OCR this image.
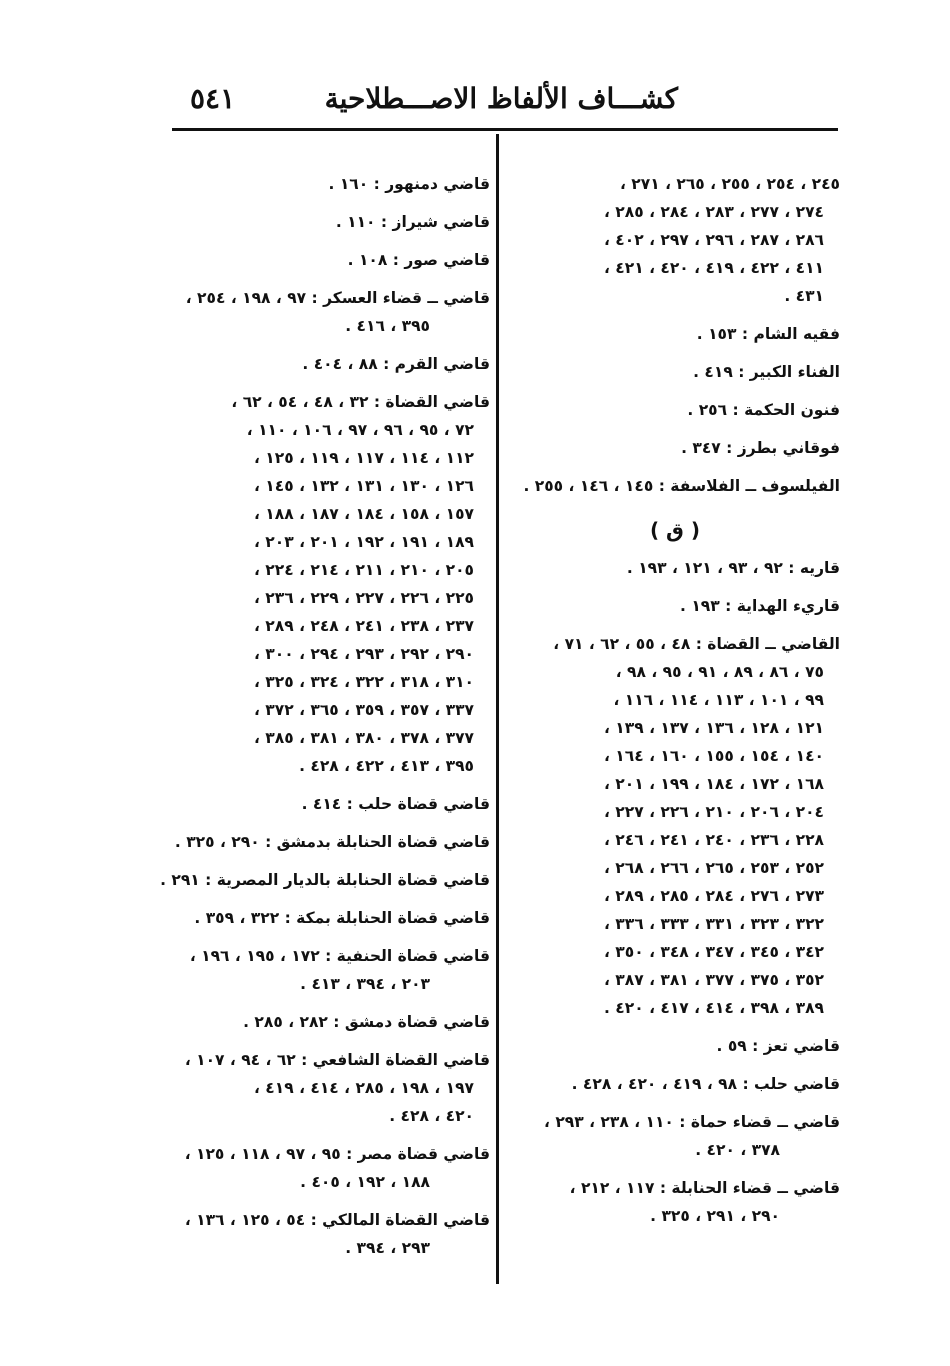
كشـــاف الألفاظ الاصـــطلاحية
٥٤١
٢٤٥ ، ٢٥٤ ، ٢٥٥ ، ٢٦٥ ، ٢٧١ ،
٢٧٤ ، ٢٧٧ ، ٢٨٣ ، ٢٨٤ ، ٢٨٥ ،
٢٨٦ ، ٢٨٧ ، ٢٩٦ ، ٢٩٧ ، ٤٠٢ ،
٤١١ ، ٤٢٢ ، ٤١٩ ، ٤٢٠ ، ٤٢١ ،
٤٣١ .
فقيه الشام : ١٥٣ .
الفناء الكبير : ٤١٩ .
فنون الحكمة : ٢٥٦ .
فوقاني بطرز : ٣٤٧ .
الفيلسوف ــ الفلاسفة : ١٤٥ ، ١٤٦ ، ٢٥٥ .
( ق )
قاريه : ٩٢ ، ٩٣ ، ١٢١ ، ١٩٣ .
قاريء الهداية : ١٩٣ .
القاضي ــ القضاة : ٤٨ ، ٥٥ ، ٦٢ ، ٧١ ،
٧٥ ، ٨٦ ، ٨٩ ، ٩١ ، ٩٥ ، ٩٨ ،
٩٩ ، ١٠١ ، ١١٣ ، ١١٤ ، ١١٦ ،
١٢١ ، ١٢٨ ، ١٣٦ ، ١٣٧ ، ١٣٩ ،
١٤٠ ، ١٥٤ ، ١٥٥ ، ١٦٠ ، ١٦٤ ،
١٦٨ ، ١٧٢ ، ١٨٤ ، ١٩٩ ، ٢٠١ ،
٢٠٤ ، ٢٠٦ ، ٢١٠ ، ٢٢٦ ، ٢٢٧ ،
٢٢٨ ، ٢٣٦ ، ٢٤٠ ، ٢٤١ ، ٢٤٦ ،
٢٥٢ ، ٢٥٣ ، ٢٦٥ ، ٢٦٦ ، ٢٦٨ ،
٢٧٣ ، ٢٧٦ ، ٢٨٤ ، ٢٨٥ ، ٢٨٩ ،
٣٢٢ ، ٣٢٣ ، ٣٣١ ، ٣٣٣ ، ٣٣٦ ،
٣٤٢ ، ٣٤٥ ، ٣٤٧ ، ٣٤٨ ، ٣٥٠ ،
٣٥٢ ، ٣٧٥ ، ٣٧٧ ، ٣٨١ ، ٣٨٧ ،
٣٨٩ ، ٣٩٨ ، ٤١٤ ، ٤١٧ ، ٤٢٠ .
قاضي تعز : ٥٩ .
قاضي حلب : ٩٨ ، ٤١٩ ، ٤٢٠ ، ٤٢٨ .
قاضي ــ قضاء حماة : ١١٠ ، ٢٣٨ ، ٢٩٣ ،
٣٧٨ ، ٤٢٠ .
قاضي ــ قضاء الحنابلة : ١١٧ ، ٢١٢ ،
٢٩٠ ، ٢٩١ ، ٣٢٥ .
قاضي دمنهور : ١٦٠ .
قاضي شيراز : ١١٠ .
قاضي صور : ١٠٨ .
قاضي ــ قضاء العسكر : ٩٧ ، ١٩٨ ، ٢٥٤ ،
٣٩٥ ، ٤١٦ .
قاضي القرم : ٨٨ ، ٤٠٤ .
قاضي القضاة : ٣٢ ، ٤٨ ، ٥٤ ، ٦٢ ،
٧٢ ، ٩٥ ، ٩٦ ، ٩٧ ، ١٠٦ ، ١١٠ ،
١١٢ ، ١١٤ ، ١١٧ ، ١١٩ ، ١٢٥ ،
١٢٦ ، ١٣٠ ، ١٣١ ، ١٣٢ ، ١٤٥ ،
١٥٧ ، ١٥٨ ، ١٨٤ ، ١٨٧ ، ١٨٨ ،
١٨٩ ، ١٩١ ، ١٩٢ ، ٢٠١ ، ٢٠٣ ،
٢٠٥ ، ٢١٠ ، ٢١١ ، ٢١٤ ، ٢٢٤ ،
٢٢٥ ، ٢٢٦ ، ٢٢٧ ، ٢٢٩ ، ٢٣٦ ،
٢٣٧ ، ٢٣٨ ، ٢٤١ ، ٢٤٨ ، ٢٨٩ ،
٢٩٠ ، ٢٩٢ ، ٢٩٣ ، ٢٩٤ ، ٣٠٠ ،
٣١٠ ، ٣١٨ ، ٣٢٢ ، ٣٢٤ ، ٣٢٥ ،
٣٣٧ ، ٣٥٧ ، ٣٥٩ ، ٣٦٥ ، ٣٧٢ ،
٣٧٧ ، ٣٧٨ ، ٣٨٠ ، ٣٨١ ، ٣٨٥ ،
٣٩٥ ، ٤١٣ ، ٤٢٢ ، ٤٢٨ .
قاضي قضاة حلب : ٤١٤ .
قاضي قضاة الحنابلة بدمشق : ٢٩٠ ، ٣٢٥ .
قاضي قضاة الحنابلة بالديار المصرية : ٢٩١ .
قاضي قضاة الحنابلة بمكة : ٣٢٢ ، ٣٥٩ .
قاضي قضاة الحنفية : ١٧٢ ، ١٩٥ ، ١٩٦ ،
٢٠٣ ، ٣٩٤ ، ٤١٣ .
قاضي قضاة دمشق : ٢٨٢ ، ٢٨٥ .
قاضي القضاة الشافعي : ٦٢ ، ٩٤ ، ١٠٧ ،
١٩٧ ، ١٩٨ ، ٢٨٥ ، ٤١٤ ، ٤١٩ ،
٤٢٠ ، ٤٢٨ .
قاضي قضاة مصر : ٩٥ ، ٩٧ ، ١١٨ ، ١٢٥ ،
١٨٨ ، ١٩٢ ، ٤٠٥ .
قاضي القضاة المالكي : ٥٤ ، ١٢٥ ، ١٣٦ ،
٢٩٣ ، ٣٩٤ .
